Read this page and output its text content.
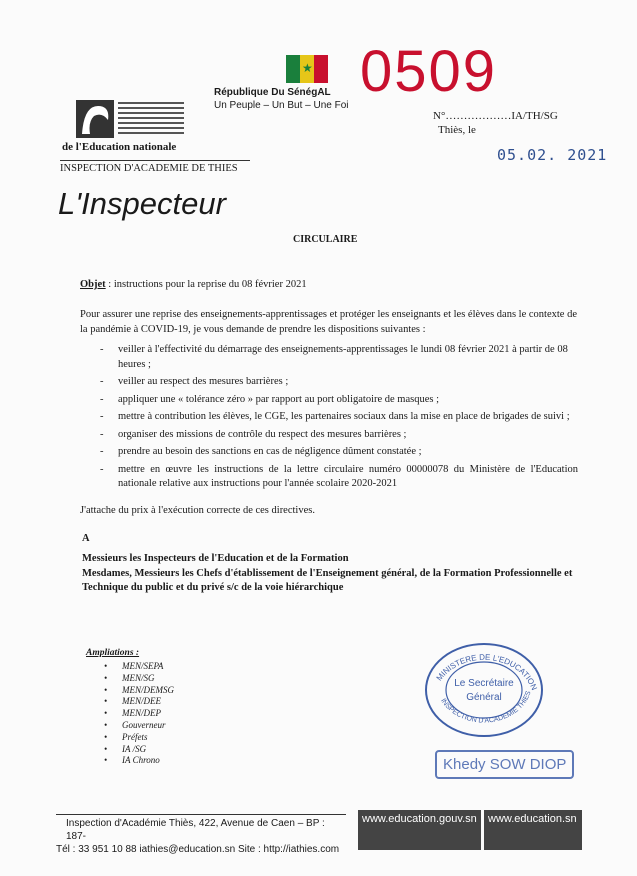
★
République Du SénégAL
Un Peuple – Un But – Une Foi
de l'Education nationale
INSPECTION D'ACADEMIE DE THIES
0509
N°………………IA/TH/SG
Thiès, le
05.02. 2021
L'Inspecteur
CIRCULAIRE
Objet : instructions pour la reprise du 08 février 2021
Pour assurer une reprise des enseignements-apprentissages et protéger les enseignants et les élèves dans le contexte de la pandémie à COVID-19, je vous demande de prendre les dispositions suivantes :
- veiller à l'effectivité du démarrage des enseignements-apprentissages le lundi 08 février 2021 à partir de 08 heures ;
- veiller au respect des mesures barrières ;
- appliquer une « tolérance zéro » par rapport au port obligatoire de masques ;
- mettre à contribution les élèves, le CGE, les partenaires sociaux dans la mise en place de brigades de suivi ;
- organiser des missions de contrôle du respect des mesures barrières ;
- prendre au besoin des sanctions en cas de négligence dûment constatée ;
- mettre en œuvre les instructions de la lettre circulaire numéro 00000078 du Ministère de l'Education nationale relative aux instructions pour l'année scolaire 2020-2021
J'attache du prix à l'exécution correcte de ces directives.
A
Messieurs les Inspecteurs de l'Education et de la Formation
Mesdames, Messieurs les Chefs d'établissement de l'Enseignement général, de la Formation Professionnelle et Technique du public et du privé s/c de la voie hiérarchique
Ampliations :
• MEN/SEPA
• MEN/SG
• MEN/DEMSG
• MEN/DEE
• MEN/DEP
• Gouverneur
• Préfets
• IA /SG
• IA Chrono
MINISTERE DE L'EDUCATION
INSPECTION D'ACADEMIE THIES
Le Secrétaire
Général
Khedy SOW DIOP
Inspection d'Académie Thiès, 422, Avenue de Caen – BP : 187-
Tél : 33 951 10 88 iathies@education.sn Site : http://iathies.com
www.education.gouv.sn	www.education.sn
